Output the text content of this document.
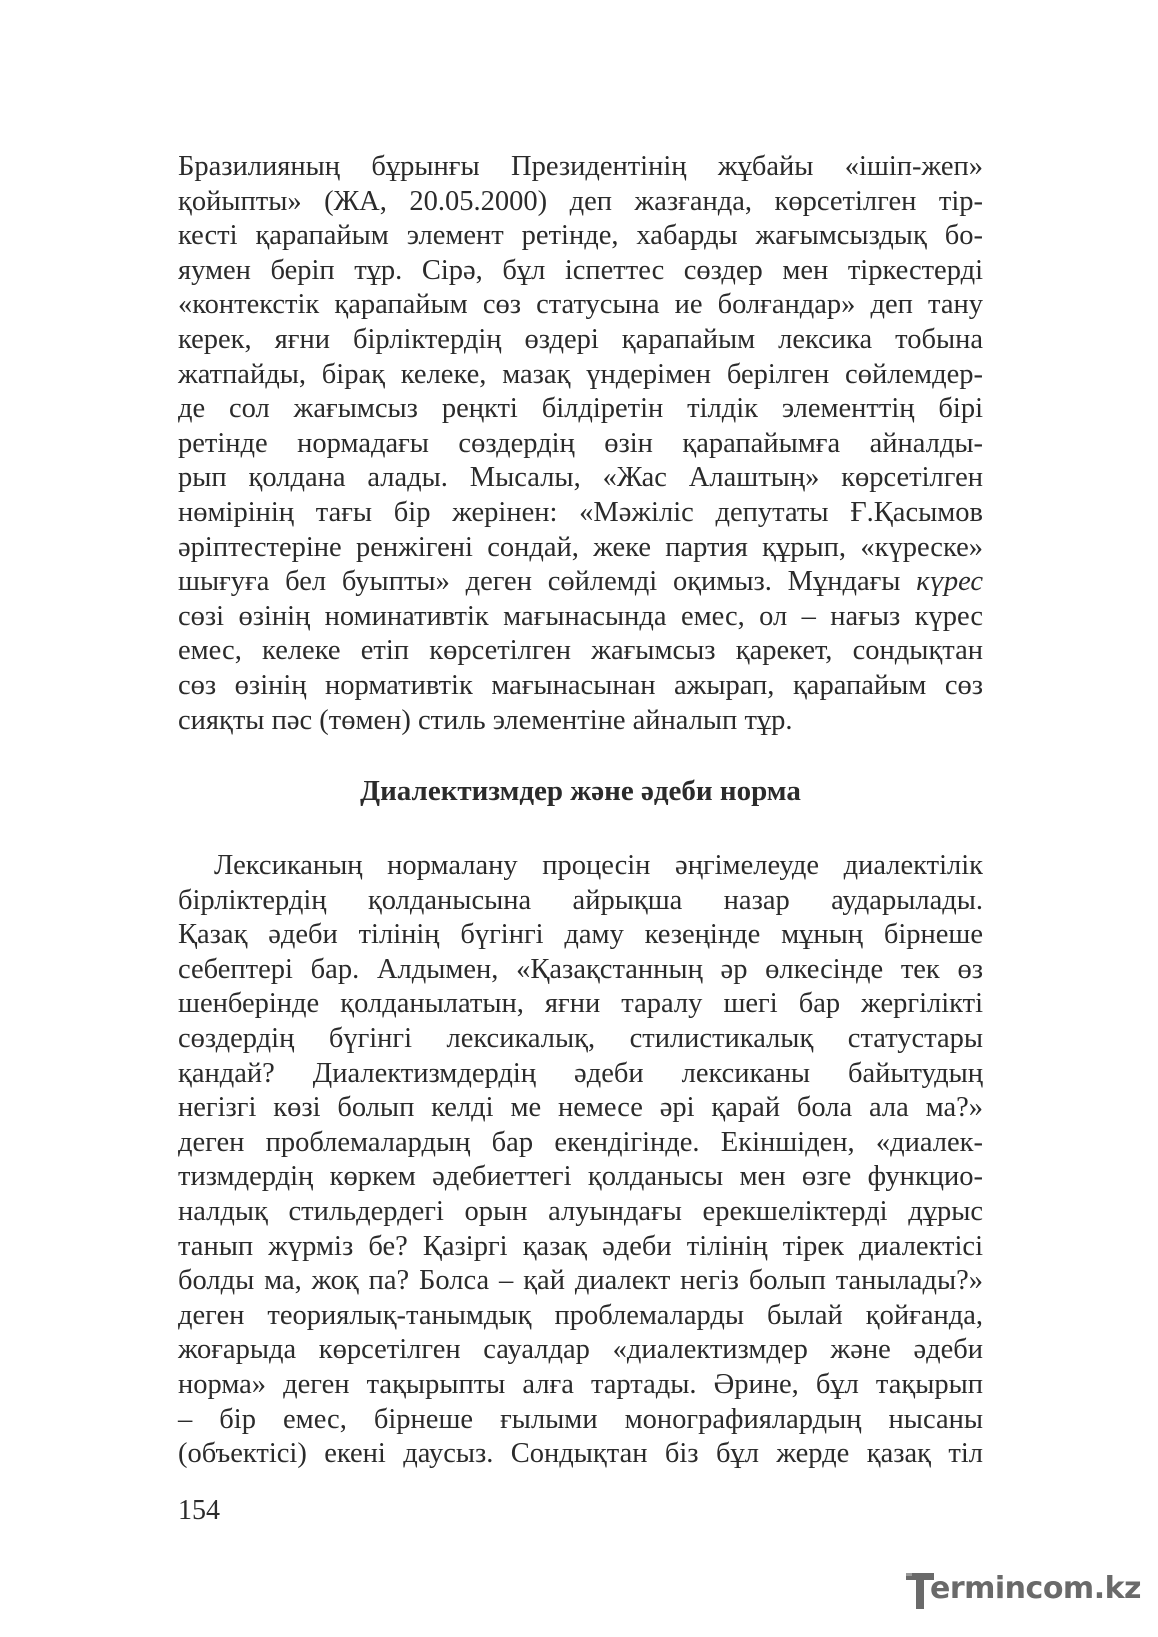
Бразилияның бұрынғы Президентінің жұбайы «ішіп-жеп»
қойыпты» (ЖА, 20.05.2000) деп жазғанда, көрсетілген тір-
кесті қарапайым элемент ретінде, хабарды жағымсыздық бо-
яумен беріп тұр. Сірә, бұл іспеттес сөздер мен тіркестерді
«контекстік қарапайым сөз статусына ие болғандар» деп тану
керек, яғни бірліктердің өздері қарапайым лексика тобына
жатпайды, бірақ келеке, мазақ үндерімен берілген сөйлемдер-
де сол жағымсыз реңкті білдіретін тілдік элементтің бірі
ретінде нормадағы сөздердің өзін қарапайымға айналды-
рып қолдана алады. Мысалы, «Жас Алаштың» көрсетілген
нөмірінің тағы бір жерінен: «Мәжіліс депутаты Ғ.Қасымов
әріптестеріне ренжігені сондай, жеке партия құрып, «күреске»
шығуға бел буыпты» деген сөйлемді оқимыз. Мұндағы күрес
сөзі өзінің номинативтік мағынасында емес, ол – нағыз күрес
емес, келеке етіп көрсетілген жағымсыз қарекет, сондықтан
сөз өзінің нормативтік мағынасынан ажырап, қарапайым сөз
сияқты пәс (төмен) стиль элементіне айналып тұр.
Диалектизмдер және әдеби норма
Лексиканың нормалану процесін әңгімелеуде диалектілік
бірліктердің қолданысына айрықша назар аударылады.
Қазақ әдеби тілінің бүгінгі даму кезеңінде мұның бірнеше
себептері бар. Алдымен, «Қазақстанның әр өлкесінде тек өз
шенберінде қолданылатын, яғни таралу шегі бар жергілікті
сөздердің бүгінгі лексикалық, стилистикалық статустары
қандай? Диалектизмдердің әдеби лексиканы байытудың
негізгі көзі болып келді ме немесе әрі қарай бола ала ма?»
деген проблемалардың бар екендігінде. Екіншіден, «диалек-
тизмдердің көркем әдебиеттегі қолданысы мен өзге функцио-
налдық стильдердегі орын алуындағы ерекшеліктерді дұрыс
танып жүрміз бе? Қазіргі қазақ әдеби тілінің тірек диалектісі
болды ма, жоқ па? Болса – қай диалект негіз болып танылады?»
деген теориялық-танымдық проблемаларды былай қойғанда,
жоғарыда көрсетілген сауалдар «диалектизмдер және әдеби
норма» деген тақырыпты алға тартады. Әрине, бұл тақырып
– бір емес, бірнеше ғылыми монографиялардың нысаны
(объектісі) екені даусыз. Сондықтан біз бұл жерде қазақ тіл
154
ermincom.kz
